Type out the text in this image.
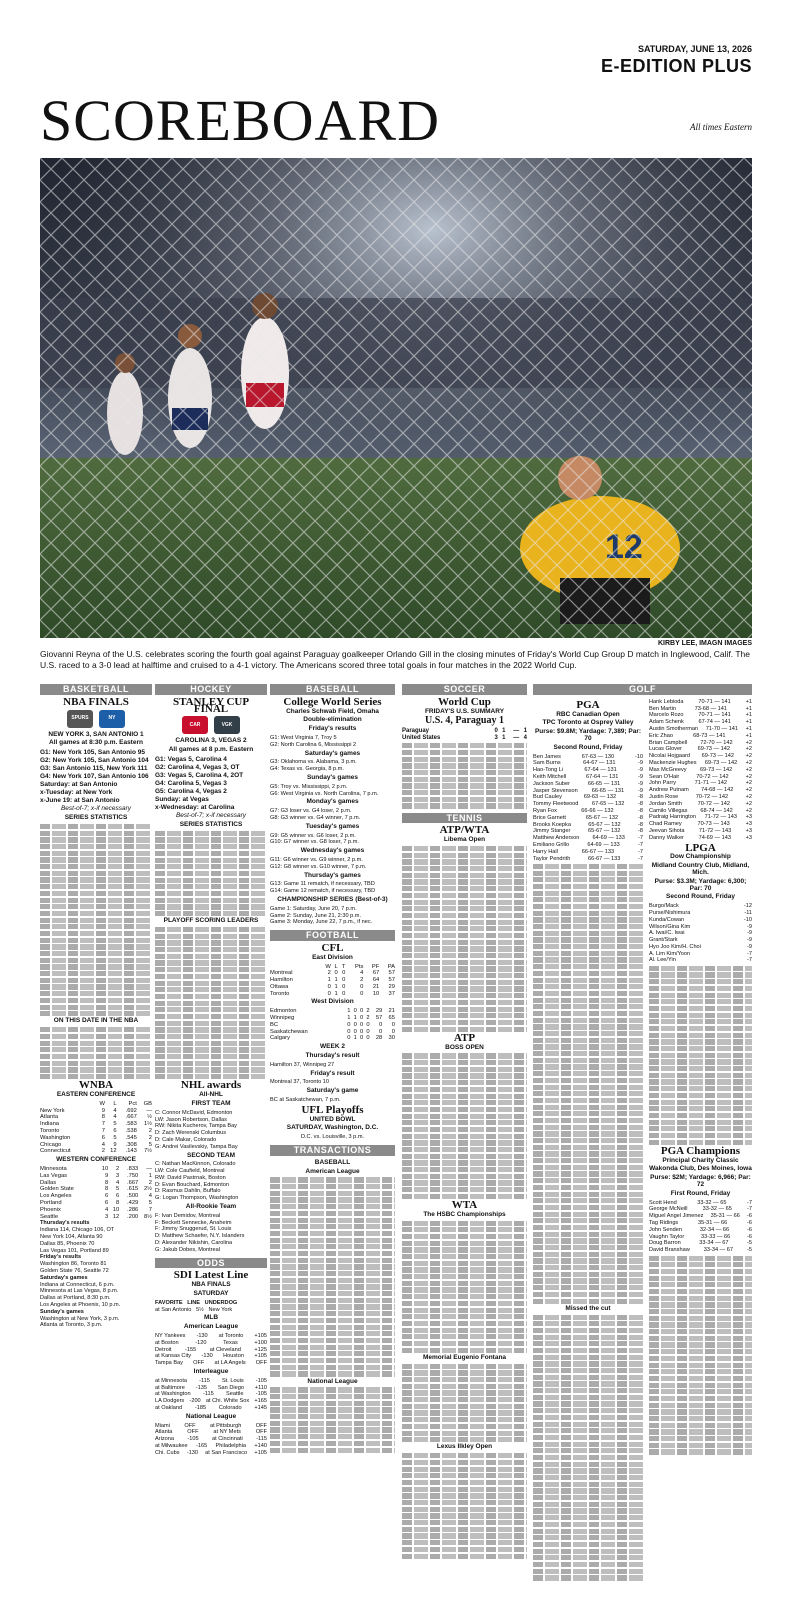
SATURDAY, JUNE 13, 2026
E-EDITION PLUS
SCOREBOARD	All times Eastern
KIRBY LEE, IMAGN IMAGES
Giovanni Reyna of the U.S. celebrates scoring the fourth goal against Paraguay goalkeeper Orlando Gill in the closing minutes of Friday's World Cup Group D match in Inglewood, Calif. The U.S. raced to a 3-0 lead at halftime and cruised to a 4-1 victory. The Americans scored three total goals in four matches in the 2022 World Cup.
BASKETBALL
NBA FINALS
SPURS	NY
NEW YORK 3, SAN ANTONIO 1
All games at 8:30 p.m. Eastern
G1: New York 105, San Antonio 95
G2: New York 105, San Antonio 104
G3: San Antonio 115, New York 111
G4: New York 107, San Antonio 106
Saturday: at San Antonio
x-Tuesday: at New York
x-June 19: at San Antonio
Best-of-7; x-if necessary
SERIES STATISTICS
ON THIS DATE IN THE NBA
WNBA
EASTERN CONFERENCE
	W	L	Pct	GB
New York	9	4	.692	—
Atlanta	8	4	.667	½
Indiana	7	5	.583	1½
Toronto	7	6	.538	2
Washington	6	5	.545	2
Chicago	4	9	.308	5
Connecticut	2	12	.143	7½
WESTERN CONFERENCE
Minnesota	10	2	.833	—
Las Vegas	9	3	.750	1
Dallas	8	4	.667	2
Golden State	8	5	.615	2½
Los Angeles	6	6	.500	4
Portland	6	8	.429	5
Phoenix	4	10	.286	7
Seattle	3	12	.200	8½
Thursday's results
Indiana 114, Chicago 106, OT
New York 104, Atlanta 90
Dallas 85, Phoenix 70
Las Vegas 101, Portland 89
Friday's results
Washington 86, Toronto 81
Golden State 76, Seattle 72
Saturday's games
Indiana at Connecticut, 6 p.m.
Minnesota at Las Vegas, 8 p.m.
Dallas at Portland, 8:30 p.m.
Los Angeles at Phoenix, 10 p.m.
Sunday's games
Washington at New York, 3 p.m.
Atlanta at Toronto, 3 p.m.
HOCKEY
STANLEY CUP FINAL
CAR	VGK
CAROLINA 3, VEGAS 2
All games at 8 p.m. Eastern
G1: Vegas 5, Carolina 4
G2: Carolina 4, Vegas 3, OT
G3: Vegas 5, Carolina 4, 2OT
G4: Carolina 5, Vegas 3
G5: Carolina 4, Vegas 2
Sunday: at Vegas
x-Wednesday: at Carolina
Best-of-7; x-if necessary
SERIES STATISTICS
PLAYOFF SCORING LEADERS
NHL awards
All-NHL
FIRST TEAM
C: Connor McDavid, Edmonton
LW: Jason Robertson, Dallas
RW: Nikita Kucherov, Tampa Bay
D: Zach Werenski Columbus
D: Cale Makar, Colorado
G: Andrei Vasilevskiy, Tampa Bay
SECOND TEAM
C: Nathan MacKinnon, Colorado
LW: Cole Caufield, Montreal
RW: David Pastrnak, Boston
D: Evan Bouchard, Edmonton
D: Rasmus Dahlin, Buffalo
G: Logan Thompson, Washington
All-Rookie Team
F: Ivan Demidov, Montreal
F: Beckett Sennecke, Anaheim
F: Jimmy Snuggerud, St. Louis
D: Matthew Schaefer, N.Y. Islanders
D: Alexander Nikishin, Carolina
G: Jakub Dobes, Montreal
ODDS
SDI Latest Line
NBA FINALS
SATURDAY
FAVORITE LINE UNDERDOG
at San Antonio 5½ New York
MLB
American League
NY Yankees -130 at Toronto +105
at Boston	-120	Texas	+100
Detroit -155 at Cleveland +125
at Kansas City -130 Houston +105
Tampa Bay OFF at LA Angels OFF
Interleague
at Minnesota -115 St. Louis -105
at Baltimore -135 San Diego +110
at Washington -115 Seattle -105
LA Dodgers -200 at Chi. White Sox +165
at Oakland -185 Colorado +145
National League
Miami	OFF	at Pittsburgh	OFF
Atlanta	OFF	at NY Mets	OFF
Arizona -105 at Cincinnati -115
at Milwaukee -165 Philadelphia +140
Chi. Cubs -130 at San Francisco +105
BASEBALL
College World Series
Charles Schwab Field, Omaha
Double-elimination
Friday's results
G1: West Virginia 7, Troy 5
G2: North Carolina 6, Mississippi 2
Saturday's games
G3: Oklahoma vs. Alabama, 3 p.m.
G4: Texas vs. Georgia, 8 p.m.
Sunday's games
G5: Troy vs. Mississippi, 2 p.m.
G6: West Virginia vs. North Carolina, 7 p.m.
Monday's games
G7: G3 loser vs. G4 loser, 2 p.m.
G8: G3 winner vs. G4 winner, 7 p.m.
Tuesday's games
G9: G5 winner vs. G6 loser, 2 p.m.
G10: G7 winner vs. G8 loser, 7 p.m.
Wednesday's games
G11: G6 winner vs. G9 winner, 2 p.m.
G12: G8 winner vs. G10 winner, 7 p.m.
Thursday's games
G13: Game 11 rematch, if necessary, TBD
G14: Game 12 rematch, if necessary, TBD
CHAMPIONSHIP SERIES (Best-of-3)
Game 1: Saturday, June 20, 7 p.m.
Game 2: Sunday, June 21, 2:30 p.m.
Game 3: Monday, June 22, 7 p.m., if nec.
FOOTBALL
CFL
East Division
	W	L	T	Pts	PF	PA
Montreal	2	0	0	4	67	57
Hamilton	1	1	0	2	64	57
Ottawa	0	1	0	0	21	29
Toronto	0	1	0	0	10	37
West Division
Edmonton	1	0	0	2	29	21
Winnipeg	1	1	0	2	57	65
BC	0	0	0	0	0	0
Saskatchewan	0	0	0	0	0	0
Calgary	0	1	0	0	28	30
WEEK 2
Thursday's result
Hamilton 37, Winnipeg 27
Friday's result
Montreal 37, Toronto 10
Saturday's game
BC at Saskatchewan, 7 p.m.
UFL Playoffs
UNITED BOWL
SATURDAY, Washington, D.C.
D.C. vs. Louisville, 3 p.m.
TRANSACTIONS
BASEBALL
American League
National League
SOCCER
World Cup
FRIDAY'S U.S. SUMMARY
U.S. 4, Paraguay 1
Paraguay	0	1	—	1
United States	3	1	—	4
TENNIS
ATP/WTA
Libema Open
ATP
BOSS OPEN
WTA
The HSBC Championships
Memorial Eugenio Fontana
Lexus Ilkley Open
GOLF
PGA
RBC Canadian Open
TPC Toronto at Osprey Valley
Purse: $9.8M; Yardage: 7,389; Par: 70
Second Round, Friday
Ben James	67-63 — 130	-10
Sam Burns	64-67 — 131	-9
Hao-Tong Li	67-64 — 131	-9
Keith Mitchell	67-64 — 131	-9
Jackson Suber	66-65 — 131	-9
Jasper Stevenson 66-65 — 131 -9
Bud Cauley	69-63 — 132	-8
Tommy Fleetwood 67-65 — 132 -8
Ryan Fox	66-66 — 132	-8
Brice Garnett	65-67 — 132	-8
Brooks Koepka	65-67 — 132	-8
Jimmy Stanger	65-67 — 132	-8
Matthew Anderson 64-69 — 133 -7
Emiliano Grillo	64-69 — 133	-7
Harry Hall	66-67 — 133	-7
Taylor Pendrith	66-67 — 133	-7
Missed the cut
Hank Lebioda	70-71 — 141	+1
Ben Martin	73-68 — 141	+1
Marcelo Rozo	70-71 — 141	+1
Adam Schenk	67-74 — 141	+1
Austin Smotherman 71-70 — 141 +1
Eric Zhao	68-73 — 141	+1
Brian Campbell 72-70 — 142 +2
Lucas Glover	69-73 — 142	+2
Nicolai Hojgaard 69-73 — 142 +2
Mackenzie Hughes 69-73 — 142 +2
Max McGreevy 69-73 — 142 +2
Sean O'Hair	70-72 — 142	+2
John Parry	71-71 — 142	+2
Andrew Putnam 74-68 — 142 +2
Justin Rose	70-72 — 142	+2
Jordan Smith	70-72 — 142	+2
Camilo Villegas 68-74 — 142 +2
Padraig Harrington 71-72 — 143 +3
Chad Ramey	70-73 — 143	+3
Jeevan Sihota	71-72 — 143	+3
Danny Walker	74-69 — 143	+3
LPGA
Dow Championship
Midland Country Club, Midland, Mich.
Purse: $3.3M; Yardage: 6,300; Par: 70
Second Round, Friday
Burgo/Mack	-12
Purse/Nishimura	-11
Kunda/Cowan	-10
Wilson/Gina Kim	-9
A. Iwai/C. Iwai	-9
Grant/Stark	-9
Hyo Joo Kim/H. Choi	-9
A. Lim Kim/Yoon	-7
Al. Lee/Yin	-7
PGA Champions
Principal Charity Classic
Wakonda Club, Des Moines, Iowa
Purse: $2M; Yardage: 6,966; Par: 72
First Round, Friday
Scott Hend	33-32 — 65	-7
George McNeill	33-32 — 65	-7
Miguel Angel Jimenez 35-31 — 66 -6
Tag Ridings	35-31 — 66	-6
John Senden	32-34 — 66	-6
Vaughn Taylor	33-33 — 66	-6
Doug Barron	33-34 — 67	-5
David Branshaw	33-34 — 67	-5
